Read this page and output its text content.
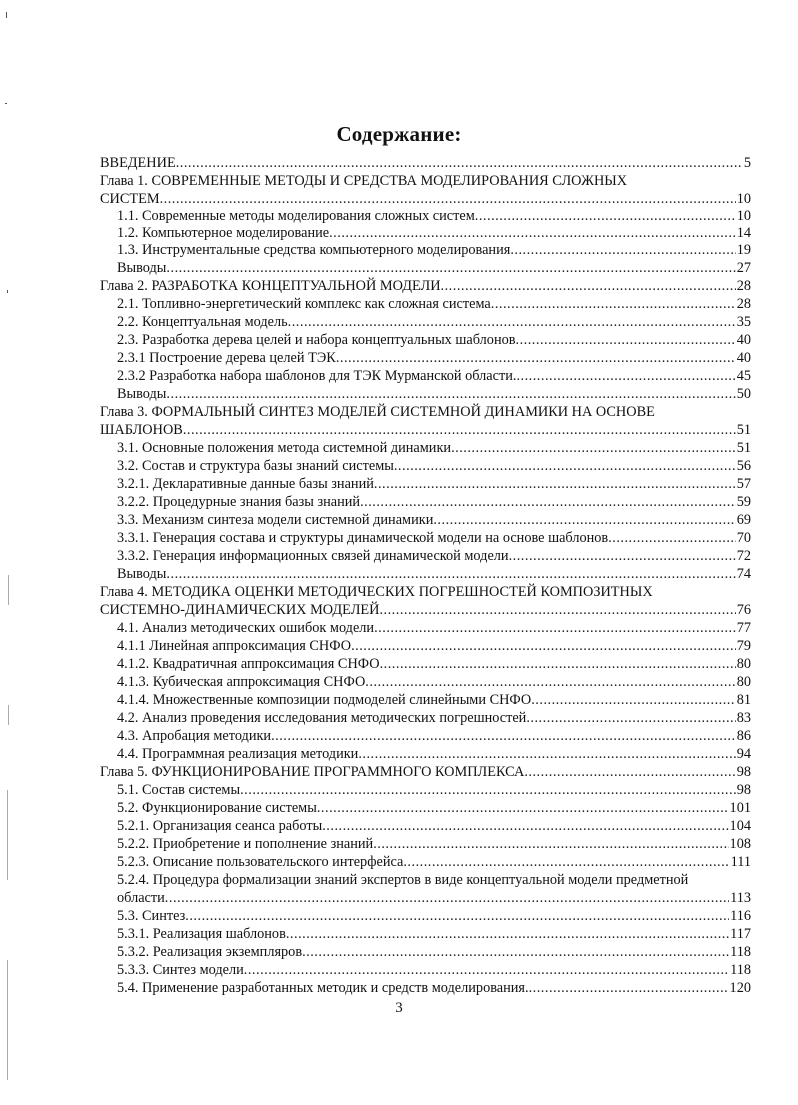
Содержание:
ВВЕДЕНИЕ .....	5
Глава 1. СОВРЕМЕННЫЕ МЕТОДЫ И СРЕДСТВА МОДЕЛИРОВАНИЯ СЛОЖНЫХ
СИСТЕМ .....	10
1.1. Современные методы моделирования сложных систем .....	10
1.2. Компьютерное моделирование .....	14
1.3. Инструментальные средства компьютерного моделирования .....	19
Выводы .....	27
Глава 2. РАЗРАБОТКА КОНЦЕПТУАЛЬНОЙ МОДЕЛИ .....	28
2.1. Топливно-энергетический комплекс как сложная система .....	28
2.2. Концептуальная модель .....	35
2.3. Разработка дерева целей и набора концептуальных шаблонов .....	40
2.3.1 Построение дерева целей ТЭК .....	40
2.3.2 Разработка набора шаблонов для ТЭК Мурманской области. .....	45
Выводы .....	50
Глава 3. ФОРМАЛЬНЫЙ СИНТЕЗ МОДЕЛЕЙ СИСТЕМНОЙ ДИНАМИКИ НА ОСНОВЕ
ШАБЛОНОВ .....	51
3.1. Основные положения метода системной динамики .....	51
3.2. Состав и структура базы знаний системы .....	56
3.2.1. Декларативные данные базы знаний .....	57
3.2.2. Процедурные знания базы знаний .....	59
3.3. Механизм синтеза модели системной динамики .....	69
3.3.1. Генерация состава и структуры динамической модели на основе шаблонов .....	70
3.3.2. Генерация информационных связей динамической модели .....	72
Выводы .....	74
Глава 4. МЕТОДИКА ОЦЕНКИ МЕТОДИЧЕСКИХ ПОГРЕШНОСТЕЙ КОМПОЗИТНЫХ
СИСТЕМНО-ДИНАМИЧЕСКИХ МОДЕЛЕЙ .....	76
4.1. Анализ методических ошибок модели .....	77
4.1.1 Линейная аппроксимация СНФО .....	79
4.1.2. Квадратичная аппроксимация СНФО .....	80
4.1.3. Кубическая аппроксимация СНФО .....	80
4.1.4. Множественные композиции подмоделей слинейными СНФО .....	81
4.2. Анализ проведения исследования методических погрешностей .....	83
4.3. Апробация методики .....	86
4.4. Программная реализация методики .....	94
Глава 5. ФУНКЦИОНИРОВАНИЕ ПРОГРАММНОГО КОМПЛЕКСА .....	98
5.1. Состав системы .....	98
5.2. Функционирование системы .....	101
5.2.1. Организация сеанса работы .....	104
5.2.2. Приобретение и пополнение знаний .....	108
5.2.3. Описание пользовательского интерфейса .....	111
5.2.4. Процедура формализации знаний экспертов в виде концептуальной модели предметной
области .....	113
5.3. Синтез .....	116
5.3.1. Реализация шаблонов .....	117
5.3.2. Реализация экземпляров .....	118
5.3.3. Синтез модели .....	118
5.4. Применение разработанных методик и средств моделирования. .....	120
3
